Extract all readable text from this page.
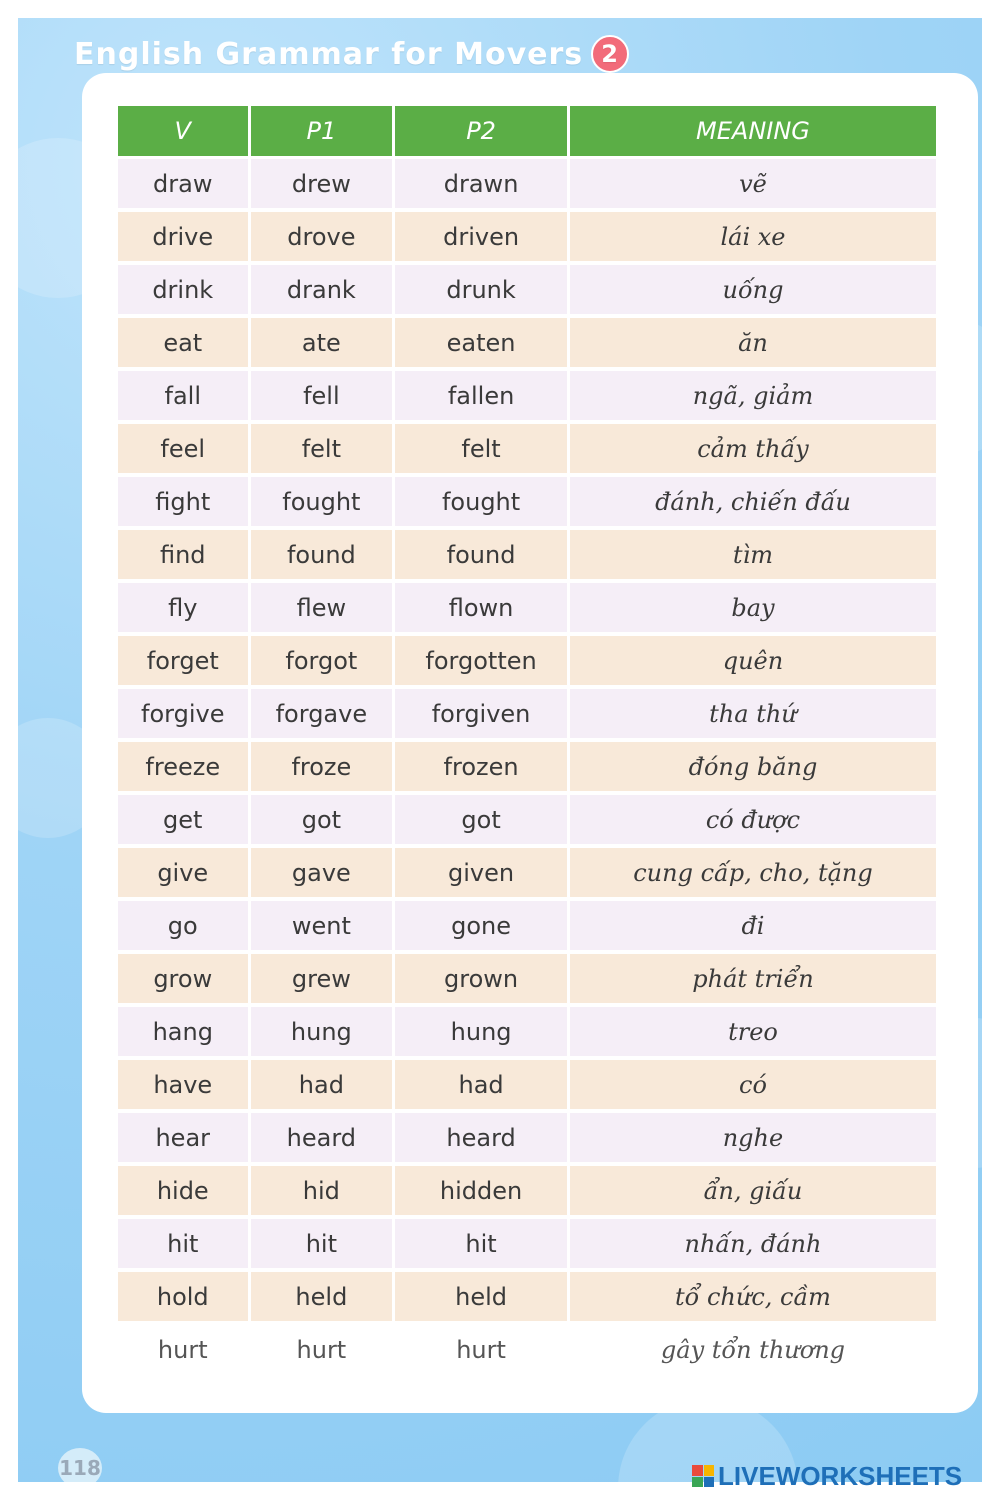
English Grammar for Movers 2
V	P1	P2	MEANING
draw	drew	drawn	vẽ
drive	drove	driven	lái xe
drink	drank	drunk	uống
eat	ate	eaten	ăn
fall	fell	fallen	ngã, giảm
feel	felt	felt	cảm thấy
fight	fought	fought	đánh, chiến đấu
find	found	found	tìm
fly	flew	flown	bay
forget	forgot	forgotten	quên
forgive	forgave	forgiven	tha thứ
freeze	froze	frozen	đóng băng
get	got	got	có được
give	gave	given	cung cấp, cho, tặng
go	went	gone	đi
grow	grew	grown	phát triển
hang	hung	hung	treo
have	had	had	có
hear	heard	heard	nghe
hide	hid	hidden	ẩn, giấu
hit	hit	hit	nhấn, đánh
hold	held	held	tổ chức, cầm
hurt	hurt	hurt	gây tổn thương
118	LIVEWORKSHEETS
